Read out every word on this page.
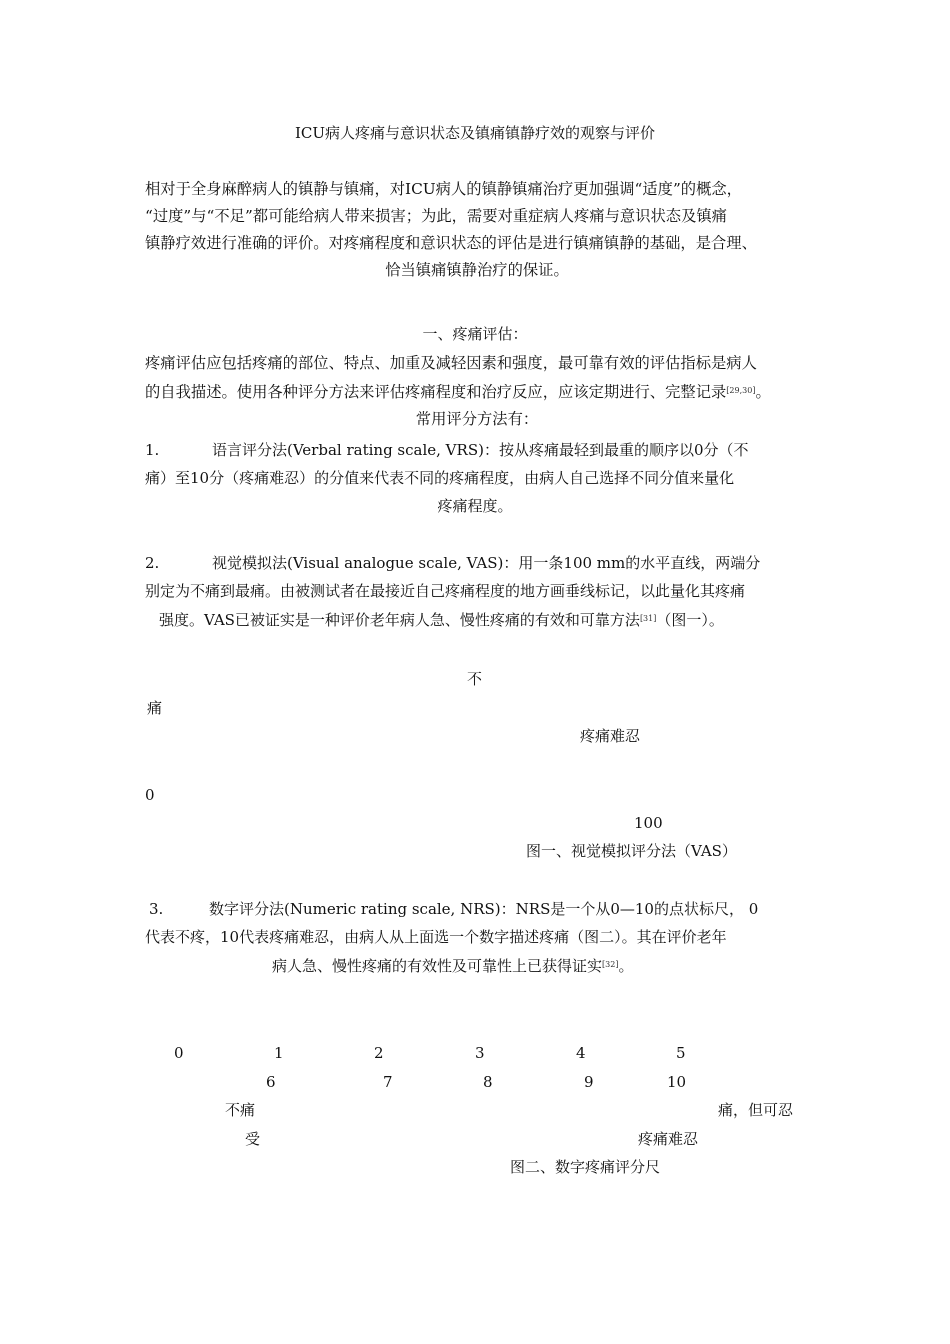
ICU病人疼痛与意识状态及镇痛镇静疗效的观察与评价
相对于全身麻醉病人的镇静与镇痛，对ICU病人的镇静镇痛治疗更加强调“适度”的概念，
“过度”与“不足”都可能给病人带来损害；为此，需要对重症病人疼痛与意识状态及镇痛
镇静疗效进行准确的评价。对疼痛程度和意识状态的评估是进行镇痛镇静的基础，是合理、
恰当镇痛镇静治疗的保证。
一、疼痛评估：
疼痛评估应包括疼痛的部位、特点、加重及减轻因素和强度，最可靠有效的评估指标是病人
的自我描述。使用各种评分方法来评估疼痛程度和治疗反应，应该定期进行、完整记录[29,30]。
常用评分方法有：
1.	语言评分法(Verbal rating scale, VRS)：按从疼痛最轻到最重的顺序以0分（不
痛）至10分（疼痛难忍）的分值来代表不同的疼痛程度，由病人自己选择不同分值来量化
疼痛程度。
2.	视觉模拟法(Visual analogue scale, VAS)：用一条100 mm的水平直线，两端分
别定为不痛到最痛。由被测试者在最接近自己疼痛程度的地方画垂线标记，以此量化其疼痛
强度。VAS已被证实是一种评价老年病人急、慢性疼痛的有效和可靠方法[31]（图一）。
不
痛
疼痛难忍
0
100
图一、视觉模拟评分法（VAS）
3.	数字评分法(Numeric rating scale, NRS)：NRS是一个从0—10的点状标尺， 0
代表不疼，10代表疼痛难忍，由病人从上面选一个数字描述疼痛（图二）。其在评价老年
病人急、慢性疼痛的有效性及可靠性上已获得证实[32]。
0	1	2	3	4	5
6	7	8	9	10
不痛	痛，但可忍
受	疼痛难忍
图二、数字疼痛评分尺
